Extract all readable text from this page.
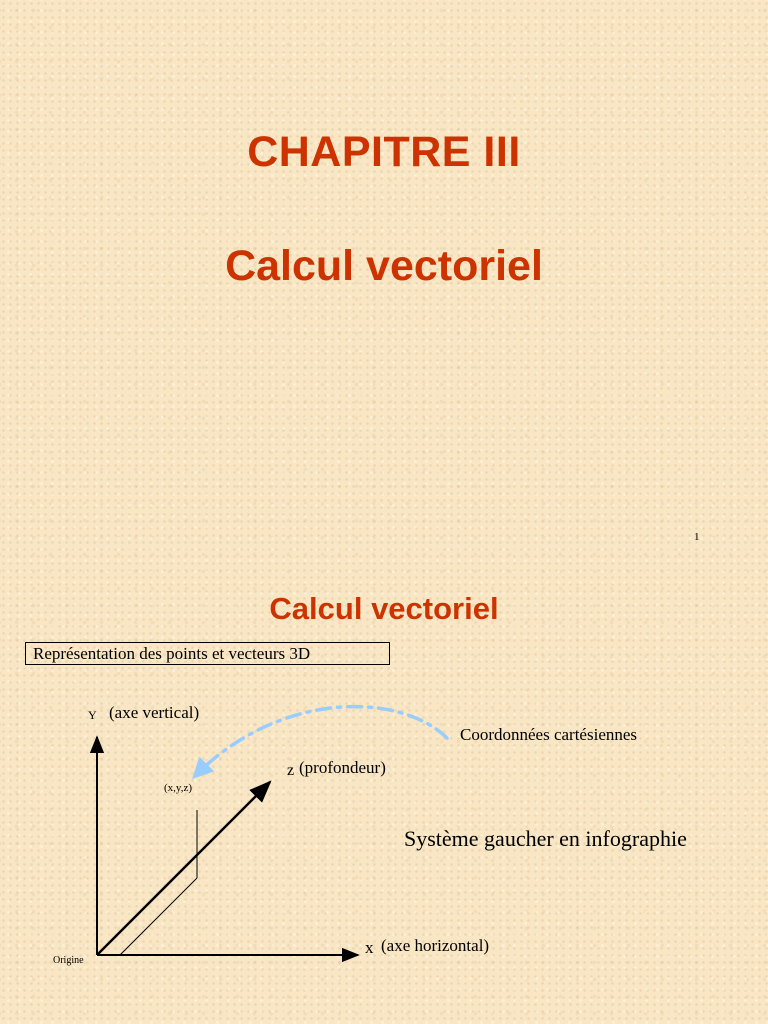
CHAPITRE III
Calcul vectoriel
1
Calcul vectoriel
Représentation des points et vecteurs 3D
Y (axe vertical)
z (profondeur)
x (axe horizontal)
(x,y,z)
Origine
Coordonnées cartésiennes
Système gaucher en infographie
